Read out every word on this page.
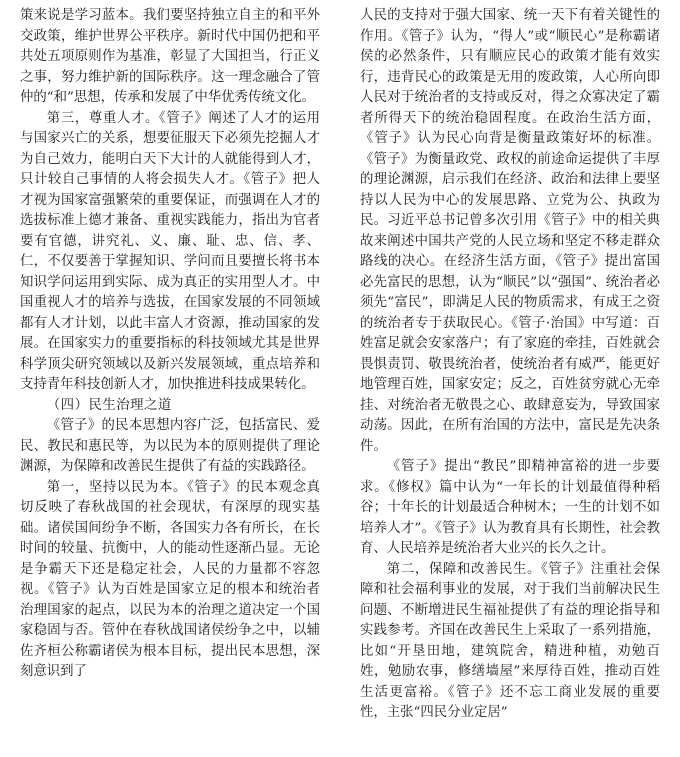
策来说是学习蓝本。我们要坚持独立自主的和平外交政策，维护世界公平秩序。新时代中国仍把和平共处五项原则作为基准，彰显了大国担当，行正义之事，努力维护新的国际秩序。这一理念融合了管仲的“和”思想，传承和发展了中华优秀传统文化。

第三，尊重人才。《管子》阐述了人才的运用与国家兴亡的关系，想要征服天下必须先挖掘人才为自己效力，能明白天下大计的人就能得到人才，只计较自己事情的人将会损失人才。《管子》把人才视为国家富强繁荣的重要保证，而强调在人才的选拔标准上德才兼备、重视实践能力，指出为官者要有官德，讲究礼、义、廉、耻、忠、信、孝、仁，不仅要善于掌握知识、学问而且要擅长将书本知识学问运用到实际、成为真正的实用型人才。中国重视人才的培养与选拔，在国家发展的不同领域都有人才计划，以此丰富人才资源，推动国家的发展。在国家实力的重要指标的科技领域尤其是世界科学顶尖研究领域以及新兴发展领域，重点培养和支持青年科技创新人才，加快推进科技成果转化。

（四）民生治理之道

《管子》的民本思想内容广泛，包括富民、爱民、教民和惠民等，为以民为本的原则提供了理论渊源，为保障和改善民生提供了有益的实践路径。

第一，坚持以民为本。《管子》的民本观念真切反映了春秋战国的社会现状，有深厚的现实基础。诸侯国间纷争不断，各国实力各有所长，在长时间的较量、抗衡中，人的能动性逐渐凸显。无论是争霸天下还是稳定社会，人民的力量都不容忽视。《管子》认为百姓是国家立足的根本和统治者治理国家的起点，以民为本的治理之道决定一个国家稳固与否。管仲在春秋战国诸侯纷争之中，以辅佐齐桓公称霸诸侯为根本目标，提出民本思想，深刻意识到了

人民的支持对于强大国家、统一天下有着关键性的作用。《管子》认为，“得人”或“顺民心”是称霸诸侯的必然条件，只有顺应民心的政策才能有效实行，违背民心的政策是无用的废政策，人心所向即人民对于统治者的支持或反对，得之众寡决定了霸者所得天下的统治稳固程度。在政治生活方面，《管子》认为民心向背是衡量政策好坏的标准。《管子》为衡量政党、政权的前途命运提供了丰厚的理论渊源，启示我们在经济、政治和法律上要坚持以人民为中心的发展思路、立党为公、执政为民。习近平总书记曾多次引用《管子》中的相关典故来阐述中国共产党的人民立场和坚定不移走群众路线的决心。在经济生活方面，《管子》提出富国必先富民的思想，认为“顺民”以“强国”、统治者必须先“富民”，即满足人民的物质需求，有成王之资的统治者专于获取民心。《管子·治国》中写道：百姓富足就会安家落户；有了家庭的牵挂，百姓就会畏惧责罚、敬畏统治者，使统治者有威严，能更好地管理百姓，国家安定；反之，百姓贫穷就心无牵挂、对统治者无敬畏之心、敢肆意妄为，导致国家动荡。因此，在所有治国的方法中，富民是先决条件。

《管子》提出“教民”即精神富裕的进一步要求。《修权》篇中认为“一年长的计划最值得种稻谷；十年长的计划最适合种树木；一生的计划不如培养人才”。《管子》认为教育具有长期性，社会教育、人民培养是统治者大业兴的长久之计。

第二，保障和改善民生。《管子》注重社会保障和社会福利事业的发展，对于我们当前解决民生问题、不断增进民生福祉提供了有益的理论指导和实践参考。齐国在改善民生上采取了一系列措施，比如“开垦田地，建筑院舍，精进种植，劝勉百姓，勉励农事，修缮墙屋”来厚待百姓，推动百姓生活更富裕。《管子》还不忘工商业发展的重要性，主张“四民分业定居”
